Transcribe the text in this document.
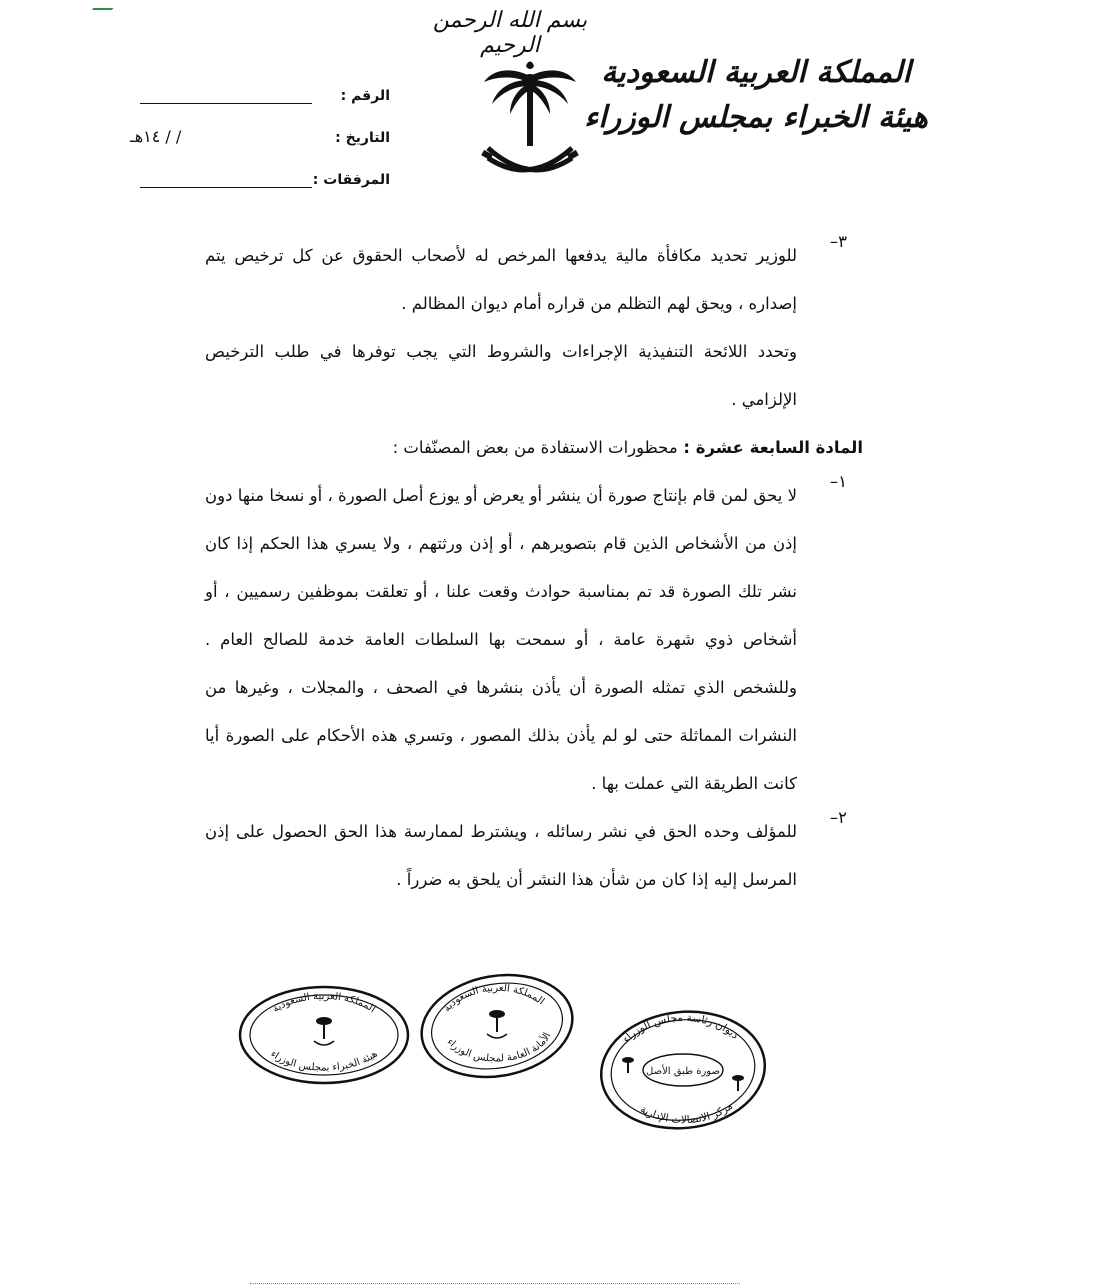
بسم الله الرحمن الرحيم
المملكة العربية السعودية
هيئة الخبراء بمجلس الوزراء
الرقم :
التاريخ :
/ / ١٤هـ
المرفقات :
٣–
للوزير تحديد مكافأة مالية يدفعها المرخص له لأصحاب الحقوق عن كل ترخيص يتم إصداره ، ويحق لهم التظلم من قراره أمام ديوان المظالم .
وتحدد اللائحة التنفيذية الإجراءات والشروط التي يجب توفرها في طلب الترخيص الإلزامي .
المادة السابعة عشرة : محظورات الاستفادة من بعض المصنّفات :
١–
لا يحق لمن قام بإنتاج صورة أن ينشر أو يعرض أو يوزع أصل الصورة ، أو نسخا منها دون إذن من الأشخاص الذين قام بتصويرهم ، أو إذن ورثتهم ، ولا يسري هذا الحكم إذا كان نشر تلك الصورة قد تم بمناسبة حوادث وقعت علنا ، أو تعلقت بموظفين رسميين ، أو أشخاص ذوي شهرة عامة ، أو سمحت بها السلطات العامة خدمة للصالح العام . وللشخص الذي تمثله الصورة أن يأذن بنشرها في الصحف ، والمجلات ، وغيرها من النشرات المماثلة حتى لو لم يأذن بذلك المصور ، وتسري هذه الأحكام على الصورة أيا كانت الطريقة التي عملت بها .
٢–
للمؤلف وحده الحق في نشر رسائله ، ويشترط لممارسة هذا الحق الحصول على إذن المرسل إليه إذا كان من شأن هذا النشر أن يلحق به ضرراً .
المملكة العربية السعودية
هيئة الخبراء بمجلس الوزراء
المملكة العربية السعودية
الأمانة العامة لمجلس الوزراء	ديوان رئاسة مجلس الوزراء
صورة طبق الأصل
مركز الاتصالات الإدارية
